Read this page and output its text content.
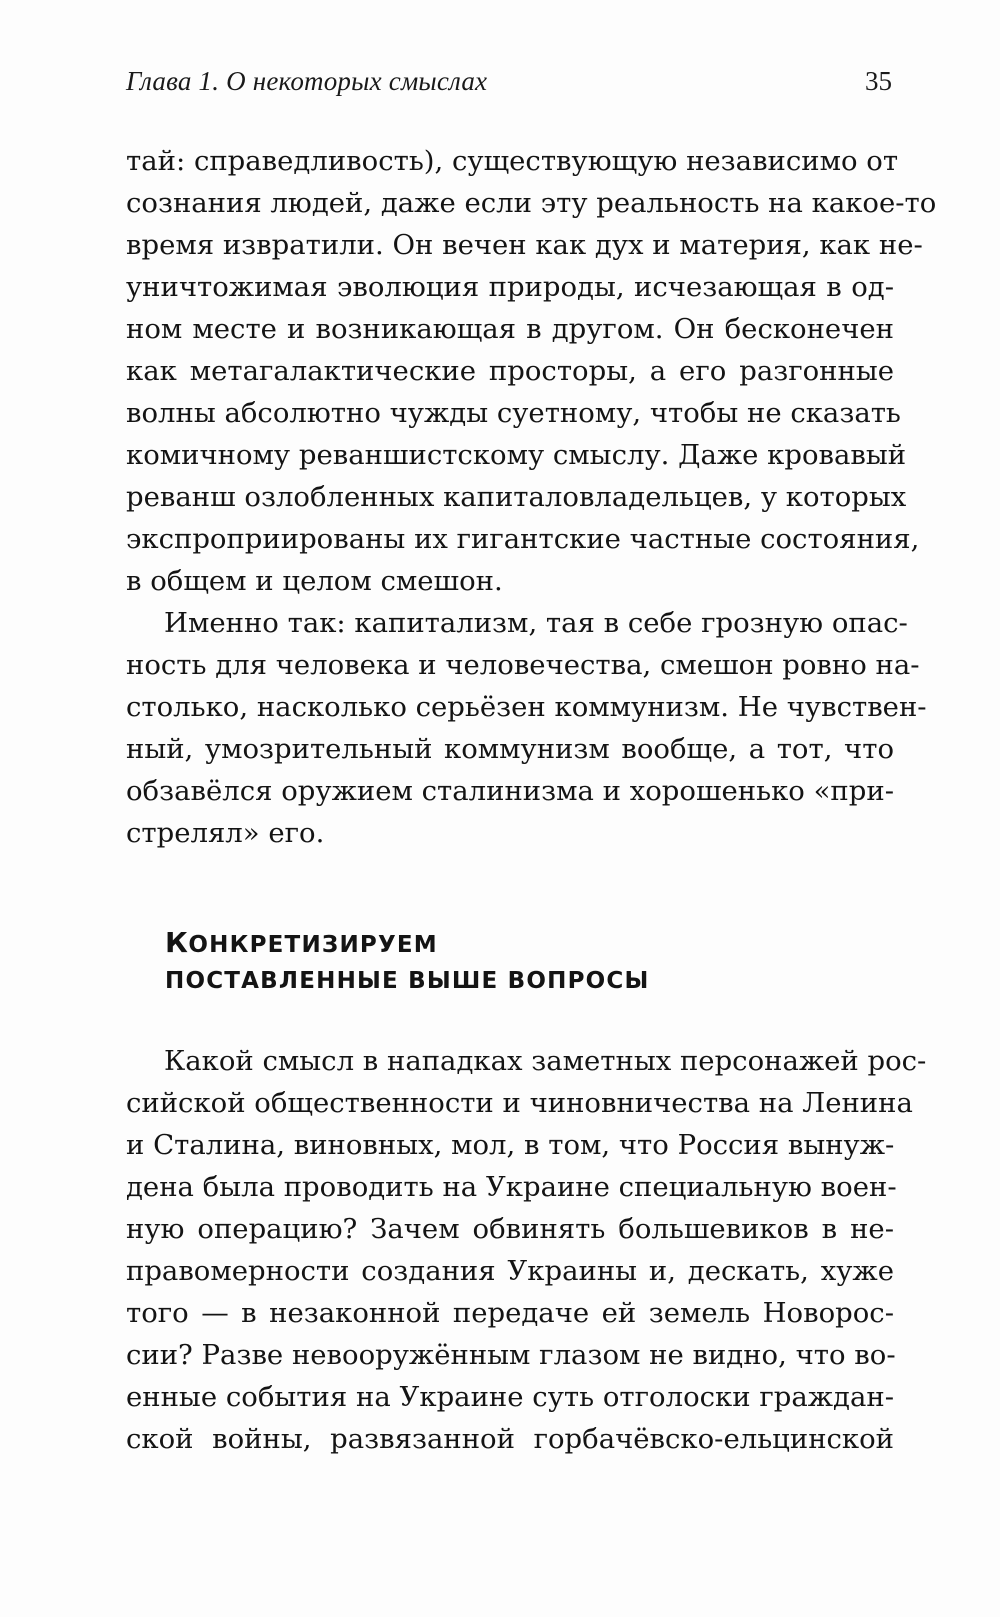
Глава 1. О некоторых смыслах	35
тай: справедливость), существующую независимо от
сознания людей, даже если эту реальность на какое-то
время извратили. Он вечен как дух и материя, как не-
уничтожимая эволюция природы, исчезающая в од-
ном месте и возникающая в другом. Он бесконечен
как метагалактические просторы, а его разгонные
волны абсолютно чужды суетному, чтобы не сказать
комичному реваншистскому смыслу. Даже кровавый
реванш озлобленных капиталовладельцев, у которых
экспроприированы их гигантские частные состояния,
в общем и целом смешон.
Именно так: капитализм, тая в себе грозную опас-
ность для человека и человечества, смешон ровно на-
столько, насколько серьёзен коммунизм. Не чувствен-
ный, умозрительный коммунизм вообще, а тот, что
обзавёлся оружием сталинизма и хорошенько «при-
стрелял» его.
КОНКРЕТИЗИРУЕМ
ПОСТАВЛЕННЫЕ ВЫШЕ ВОПРОСЫ
Какой смысл в нападках заметных персонажей рос-
сийской общественности и чиновничества на Ленина
и Сталина, виновных, мол, в том, что Россия вынуж-
дена была проводить на Украине специальную воен-
ную операцию? Зачем обвинять большевиков в не-
правомерности создания Украины и, дескать, хуже
того — в незаконной передаче ей земель Новорос-
сии? Разве невооружённым глазом не видно, что во-
енные события на Украине суть отголоски граждан-
ской войны, развязанной горбачёвско-ельцинской
